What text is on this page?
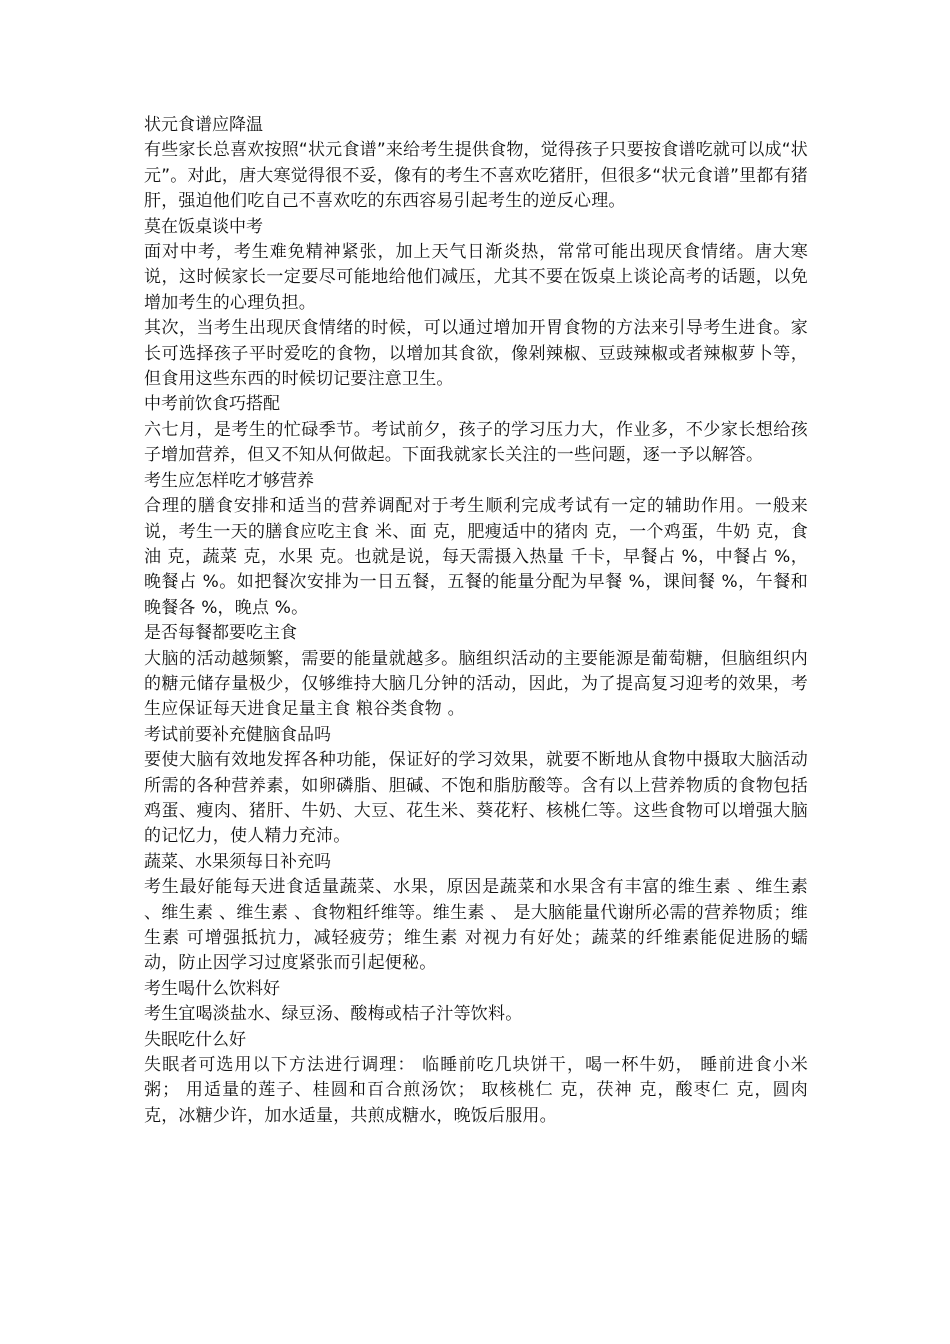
状元食谱应降温
有些家长总喜欢按照“状元食谱”来给考生提供食物，觉得孩子只要按食谱吃就可以成“状元”。对此，唐大寒觉得很不妥，像有的考生不喜欢吃猪肝，但很多“状元食谱”里都有猪肝，强迫他们吃自己不喜欢吃的东西容易引起考生的逆反心理。
莫在饭桌谈中考
面对中考，考生难免精神紧张，加上天气日渐炎热，常常可能出现厌食情绪。唐大寒说，这时候家长一定要尽可能地给他们减压，尤其不要在饭桌上谈论高考的话题，以免增加考生的心理负担。
其次，当考生出现厌食情绪的时候，可以通过增加开胃食物的方法来引导考生进食。家长可选择孩子平时爱吃的食物，以增加其食欲，像剁辣椒、豆豉辣椒或者辣椒萝卜等，但食用这些东西的时候切记要注意卫生。
中考前饮食巧搭配
六七月，是考生的忙碌季节。考试前夕，孩子的学习压力大，作业多，不少家长想给孩子增加营养，但又不知从何做起。下面我就家长关注的一些问题，逐一予以解答。
考生应怎样吃才够营养
合理的膳食安排和适当的营养调配对于考生顺利完成考试有一定的辅助作用。一般来说，考生一天的膳食应吃主食 米、面 克，肥瘦适中的猪肉 克，一个鸡蛋，牛奶 克，食油 克，蔬菜 克，水果 克。也就是说，每天需摄入热量 千卡，早餐占 %，中餐占 %，晚餐占 %。如把餐次安排为一日五餐，五餐的能量分配为早餐 %，课间餐 %，午餐和晚餐各 %，晚点 %。
是否每餐都要吃主食
大脑的活动越频繁，需要的能量就越多。脑组织活动的主要能源是葡萄糖，但脑组织内的糖元储存量极少，仅够维持大脑几分钟的活动，因此，为了提高复习迎考的效果，考生应保证每天进食足量主食 粮谷类食物 。
考试前要补充健脑食品吗
要使大脑有效地发挥各种功能，保证好的学习效果，就要不断地从食物中摄取大脑活动所需的各种营养素，如卵磷脂、胆碱、不饱和脂肪酸等。含有以上营养物质的食物包括鸡蛋、瘦肉、猪肝、牛奶、大豆、花生米、葵花籽、核桃仁等。这些食物可以增强大脑的记忆力，使人精力充沛。
蔬菜、水果须每日补充吗
考生最好能每天进食适量蔬菜、水果，原因是蔬菜和水果含有丰富的维生素 、维生素 、维生素 、维生素 、食物粗纤维等。维生素 、 是大脑能量代谢所必需的营养物质；维生素 可增强抵抗力，减轻疲劳；维生素 对视力有好处；蔬菜的纤维素能促进肠的蠕动，防止因学习过度紧张而引起便秘。
考生喝什么饮料好
考生宜喝淡盐水、绿豆汤、酸梅或桔子汁等饮料。
失眠吃什么好
失眠者可选用以下方法进行调理： 临睡前吃几块饼干，喝一杯牛奶， 睡前进食小米粥； 用适量的莲子、桂圆和百合煎汤饮； 取核桃仁 克，茯神 克，酸枣仁 克，圆肉 克，冰糖少许，加水适量，共煎成糖水，晚饭后服用。
